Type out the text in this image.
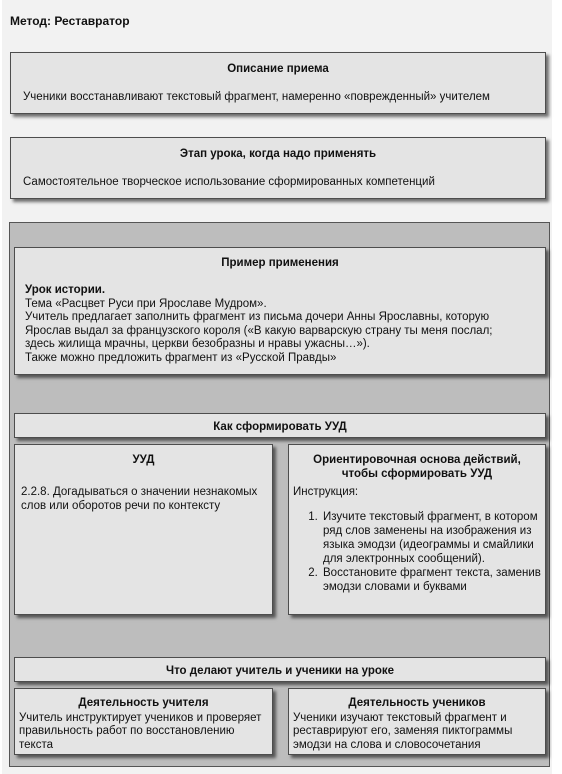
Метод: Реставратор
Описание приема
Ученики восстанавливают текстовый фрагмент, намеренно «поврежденный» учителем
Этап урока, когда надо применять
Самостоятельное творческое использование сформированных компетенций
Пример применения

Урок истории.

Тема «Расцвет Руси при Ярославе Мудром».

Учитель предлагает заполнить фрагмент из письма дочери Анны Ярославны, которую

Ярослав выдал за французского короля («В какую варварскую страну ты меня послал;

здесь жилища мрачны, церкви безобразны и нравы ужасны…»).

Также можно предложить фрагмент из «Русской Правды»

Как сформировать УУД
УУД
2.2.8. Догадываться о значении незнакомых слов или оборотов речи по контексту
Ориентировочная основа действий, чтобы сформировать УУД

Инструкция:

1. Изучите текстовый фрагмент, в котором ряд слов заменены на изображения из языка эмодзи (идеограммы и смайлики для электронных сообщений).
2. Восстановите фрагмент текста, заменив эмодзи словами и буквами
Что делают учитель и ученики на уроке
Деятельность учителя
Учитель инструктирует учеников и проверяет правильность работ по восстановлению текста
Деятельность учеников
Ученики изучают текстовый фрагмент и реставрируют его, заменяя пиктограммы эмодзи на слова и словосочетания
